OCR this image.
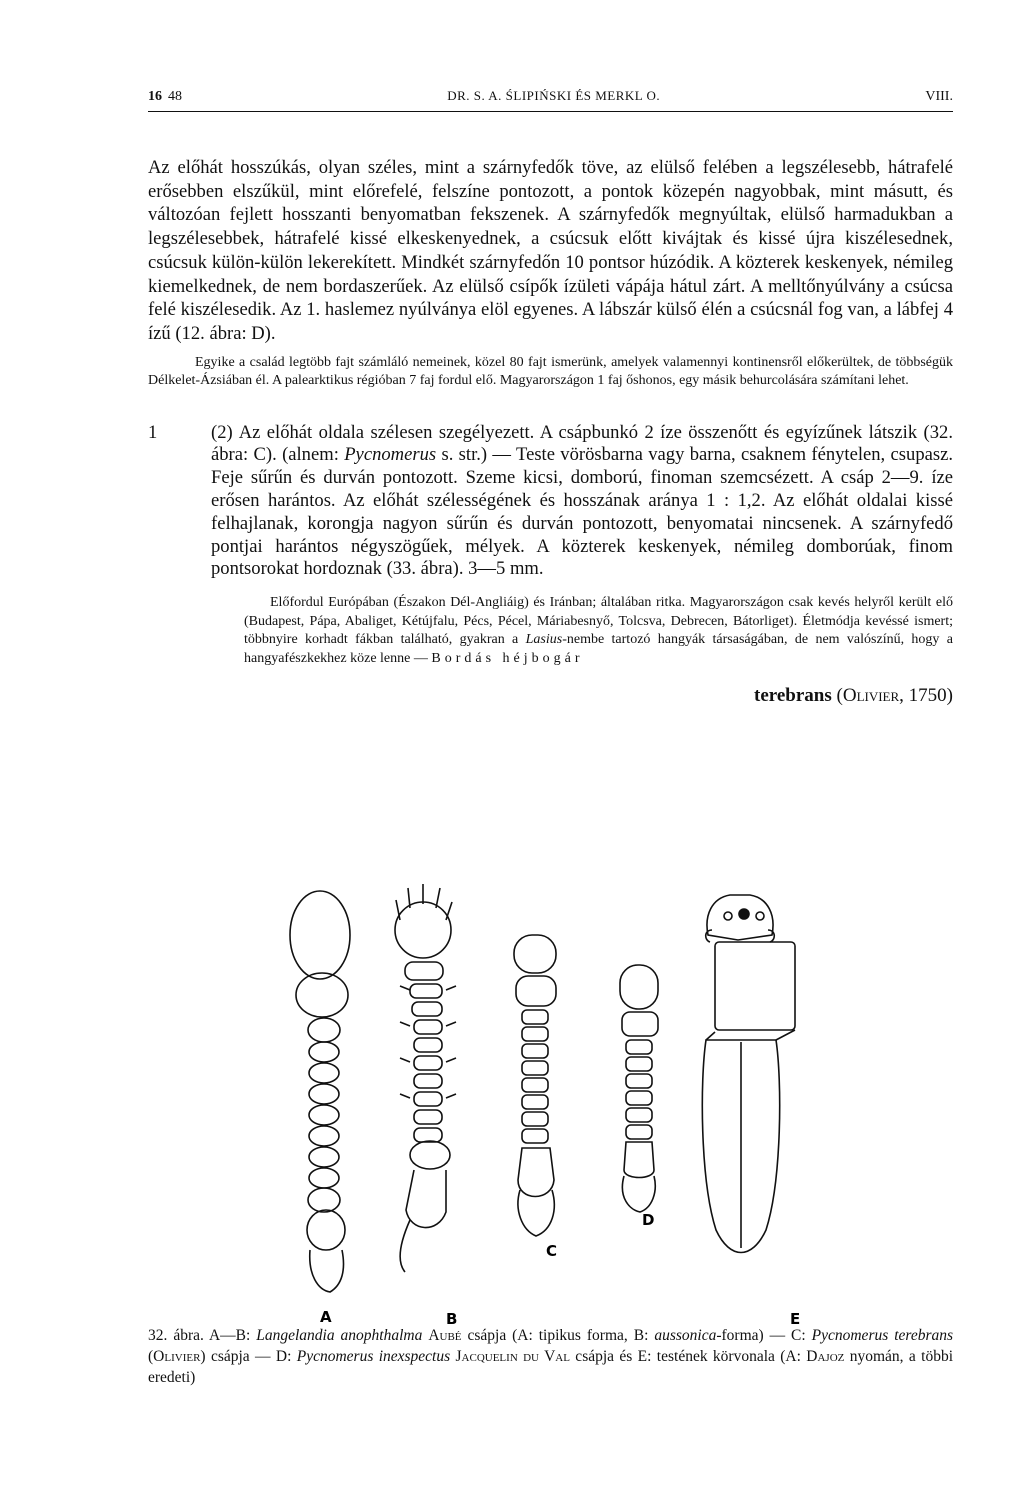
16 48	DR. S. A. ŚLIPIŃSKI ÉS MERKL O.	VIII.

Az előhát hosszúkás, olyan széles, mint a szárnyfedők töve, az elülső felében a legszélesebb, hátrafelé erősebben elszűkül, mint előrefelé, felszíne pontozott, a pontok közepén nagyobbak, mint másutt, és változóan fejlett hosszanti benyomatban fekszenek. A szárnyfedők megnyúltak, elülső harmadukban a legszélesebbek, hátrafelé kissé elkeskenyednek, a csúcsuk előtt kivájtak és kissé újra kiszélesednek, csúcsuk külön-külön lekerekített. Mindkét szárnyfedőn 10 pontsor húzódik. A közterek keskenyek, némileg kiemelkednek, de nem bordaszerűek. Az elülső csípők ízületi vápája hátul zárt. A melltőnyúlvány a csúcsa felé kiszélesedik. Az 1. haslemez nyúlványa elöl egyenes. A lábszár külső élén a csúcsnál fog van, a lábfej 4 ízű (12. ábra: D).

Egyike a család legtöbb fajt számláló nemeinek, közel 80 fajt ismerünk, amelyek valamennyi kontinensről előkerültek, de többségük Délkelet-Ázsiában él. A palearktikus régióban 7 faj fordul elő. Magyarországon 1 faj őshonos, egy másik behurcolására számítani lehet.

1	(2) Az előhát oldala szélesen szegélyezett. A csápbunkó 2 íze összenőtt és egyízűnek látszik (32. ábra: C). (alnem: Pycnomerus s. str.) — Teste vörösbarna vagy barna, csaknem fénytelen, csupasz. Feje sűrűn és durván pontozott. Szeme kicsi, domború, finoman szemcsézett. A csáp 2—9. íze erősen harántos. Az előhát szélességének és hosszának aránya 1 : 1,2. Az előhát oldalai kissé felhajlanak, korongja nagyon sűrűn és durván pontozott, benyomatai nincsenek. A szárnyfedő pontjai harántos négyszögűek, mélyek. A közterek keskenyek, némileg domborúak, finom pontsorokat hordoznak (33. ábra). 3—5 mm.
Előfordul Európában (Északon Dél-Angliáig) és Iránban; általában ritka. Magyarországon csak kevés helyről került elő (Budapest, Pápa, Abaliget, Kétújfalu, Pécs, Pécel, Máriabesnyő, Tolcsva, Debrecen, Bátorliget). Életmódja kevéssé ismert; többnyire korhadt fákban található, gyakran a Lasius-nembe tartozó hangyák társaságában, de nem valószínű, hogy a hangyafészkekhez köze lenne — Bordás héjbogár
terebrans (Olivier, 1750)
A	B
C
D
E
32. ábra. A—B: Langelandia anophthalma Aubé csápja (A: tipikus forma, B: aussonica-forma) — C: Pycnomerus terebrans (Olivier) csápja — D: Pycnomerus inexspectus Jacquelin du Val csápja és E: testének körvonala (A: Dajoz nyomán, a többi eredeti)
